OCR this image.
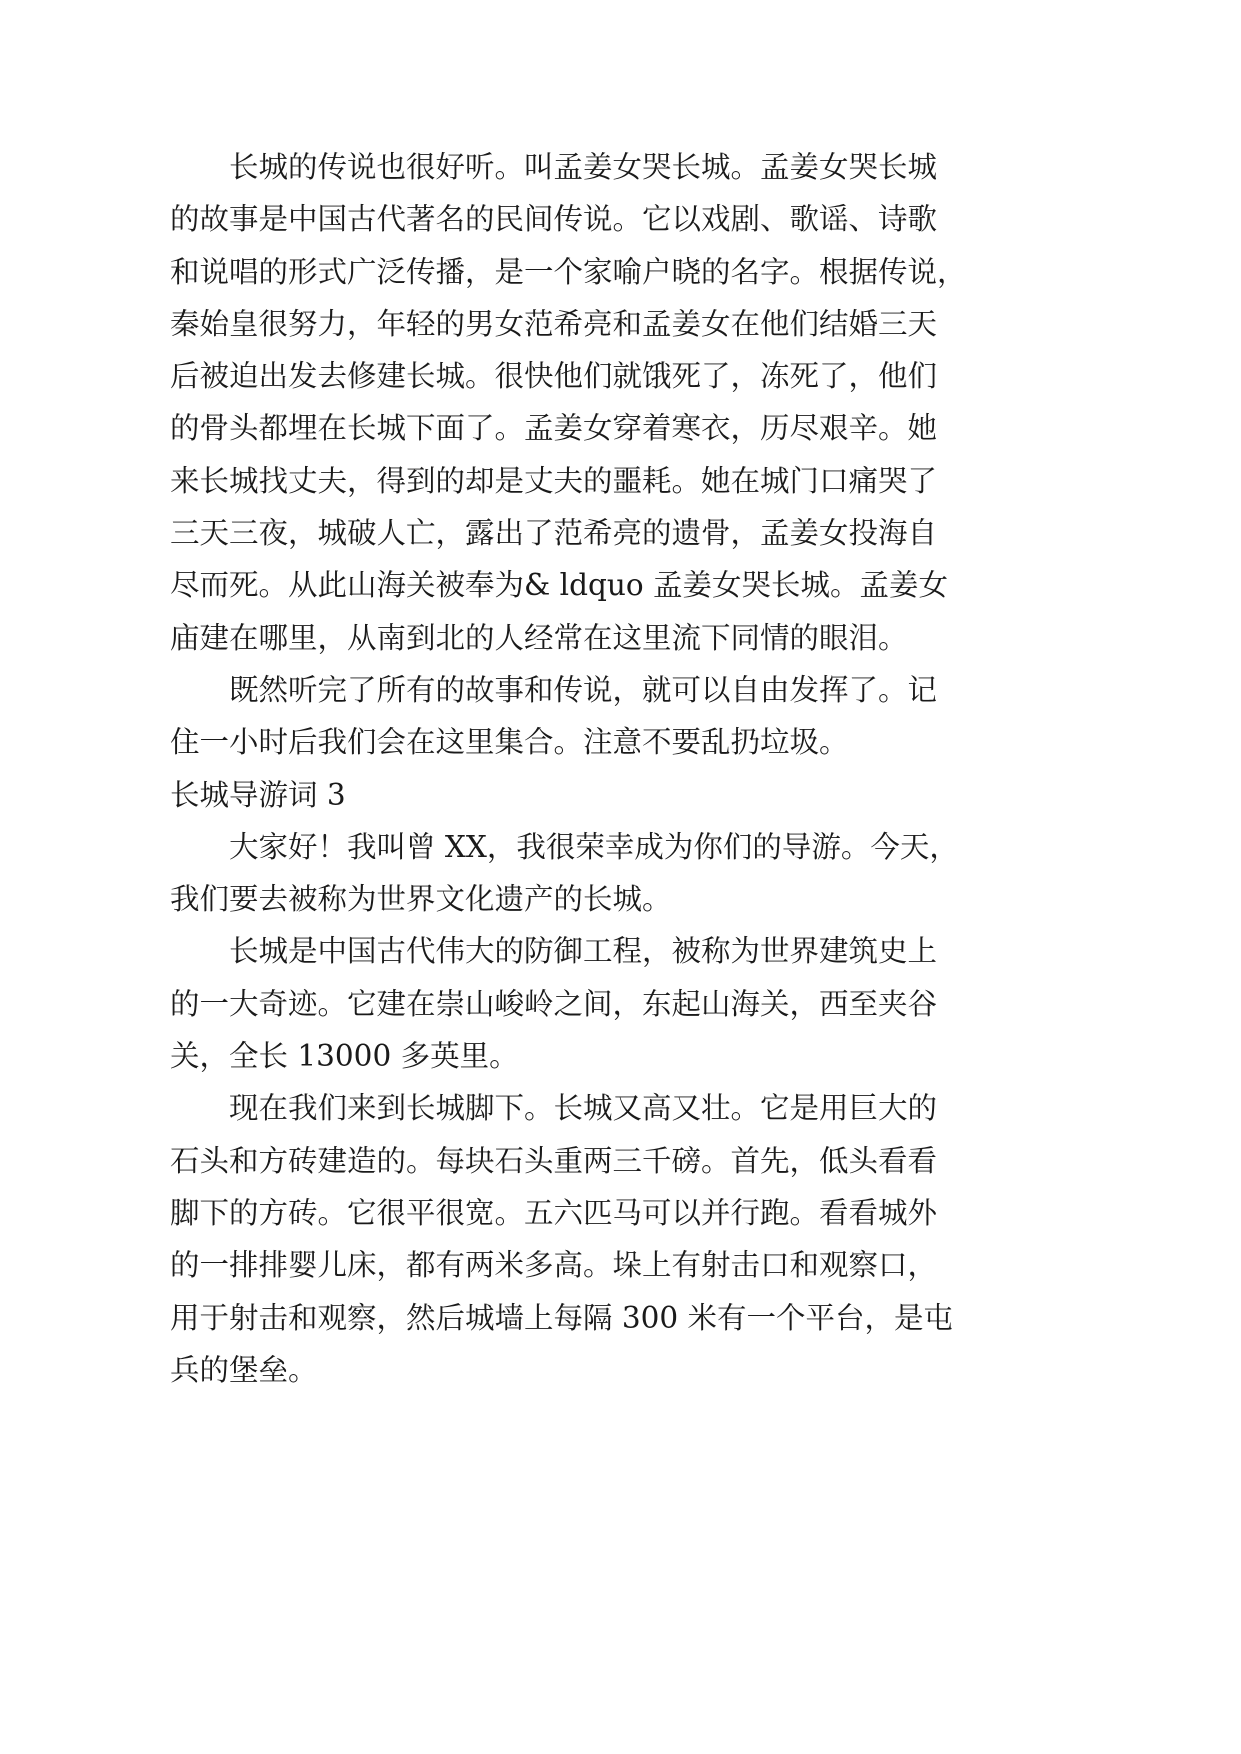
长城的传说也很好听。叫孟姜女哭长城。孟姜女哭长城
的故事是中国古代著名的民间传说。它以戏剧、歌谣、诗歌
和说唱的形式广泛传播，是一个家喻户晓的名字。根据传说，
秦始皇很努力，年轻的男女范希亮和孟姜女在他们结婚三天
后被迫出发去修建长城。很快他们就饿死了，冻死了，他们
的骨头都埋在长城下面了。孟姜女穿着寒衣，历尽艰辛。她
来长城找丈夫，得到的却是丈夫的噩耗。她在城门口痛哭了
三天三夜，城破人亡，露出了范希亮的遗骨，孟姜女投海自
尽而死。从此山海关被奉为& ldquo 孟姜女哭长城。孟姜女
庙建在哪里，从南到北的人经常在这里流下同情的眼泪。
既然听完了所有的故事和传说，就可以自由发挥了。记
住一小时后我们会在这里集合。注意不要乱扔垃圾。
长城导游词 3
大家好！我叫曾 XX，我很荣幸成为你们的导游。今天，
我们要去被称为世界文化遗产的长城。
长城是中国古代伟大的防御工程，被称为世界建筑史上
的一大奇迹。它建在崇山峻岭之间，东起山海关，西至夹谷
关，全长 13000 多英里。
现在我们来到长城脚下。长城又高又壮。它是用巨大的
石头和方砖建造的。每块石头重两三千磅。首先，低头看看
脚下的方砖。它很平很宽。五六匹马可以并行跑。看看城外
的一排排婴儿床，都有两米多高。垛上有射击口和观察口，
用于射击和观察，然后城墙上每隔 300 米有一个平台，是屯
兵的堡垒。
